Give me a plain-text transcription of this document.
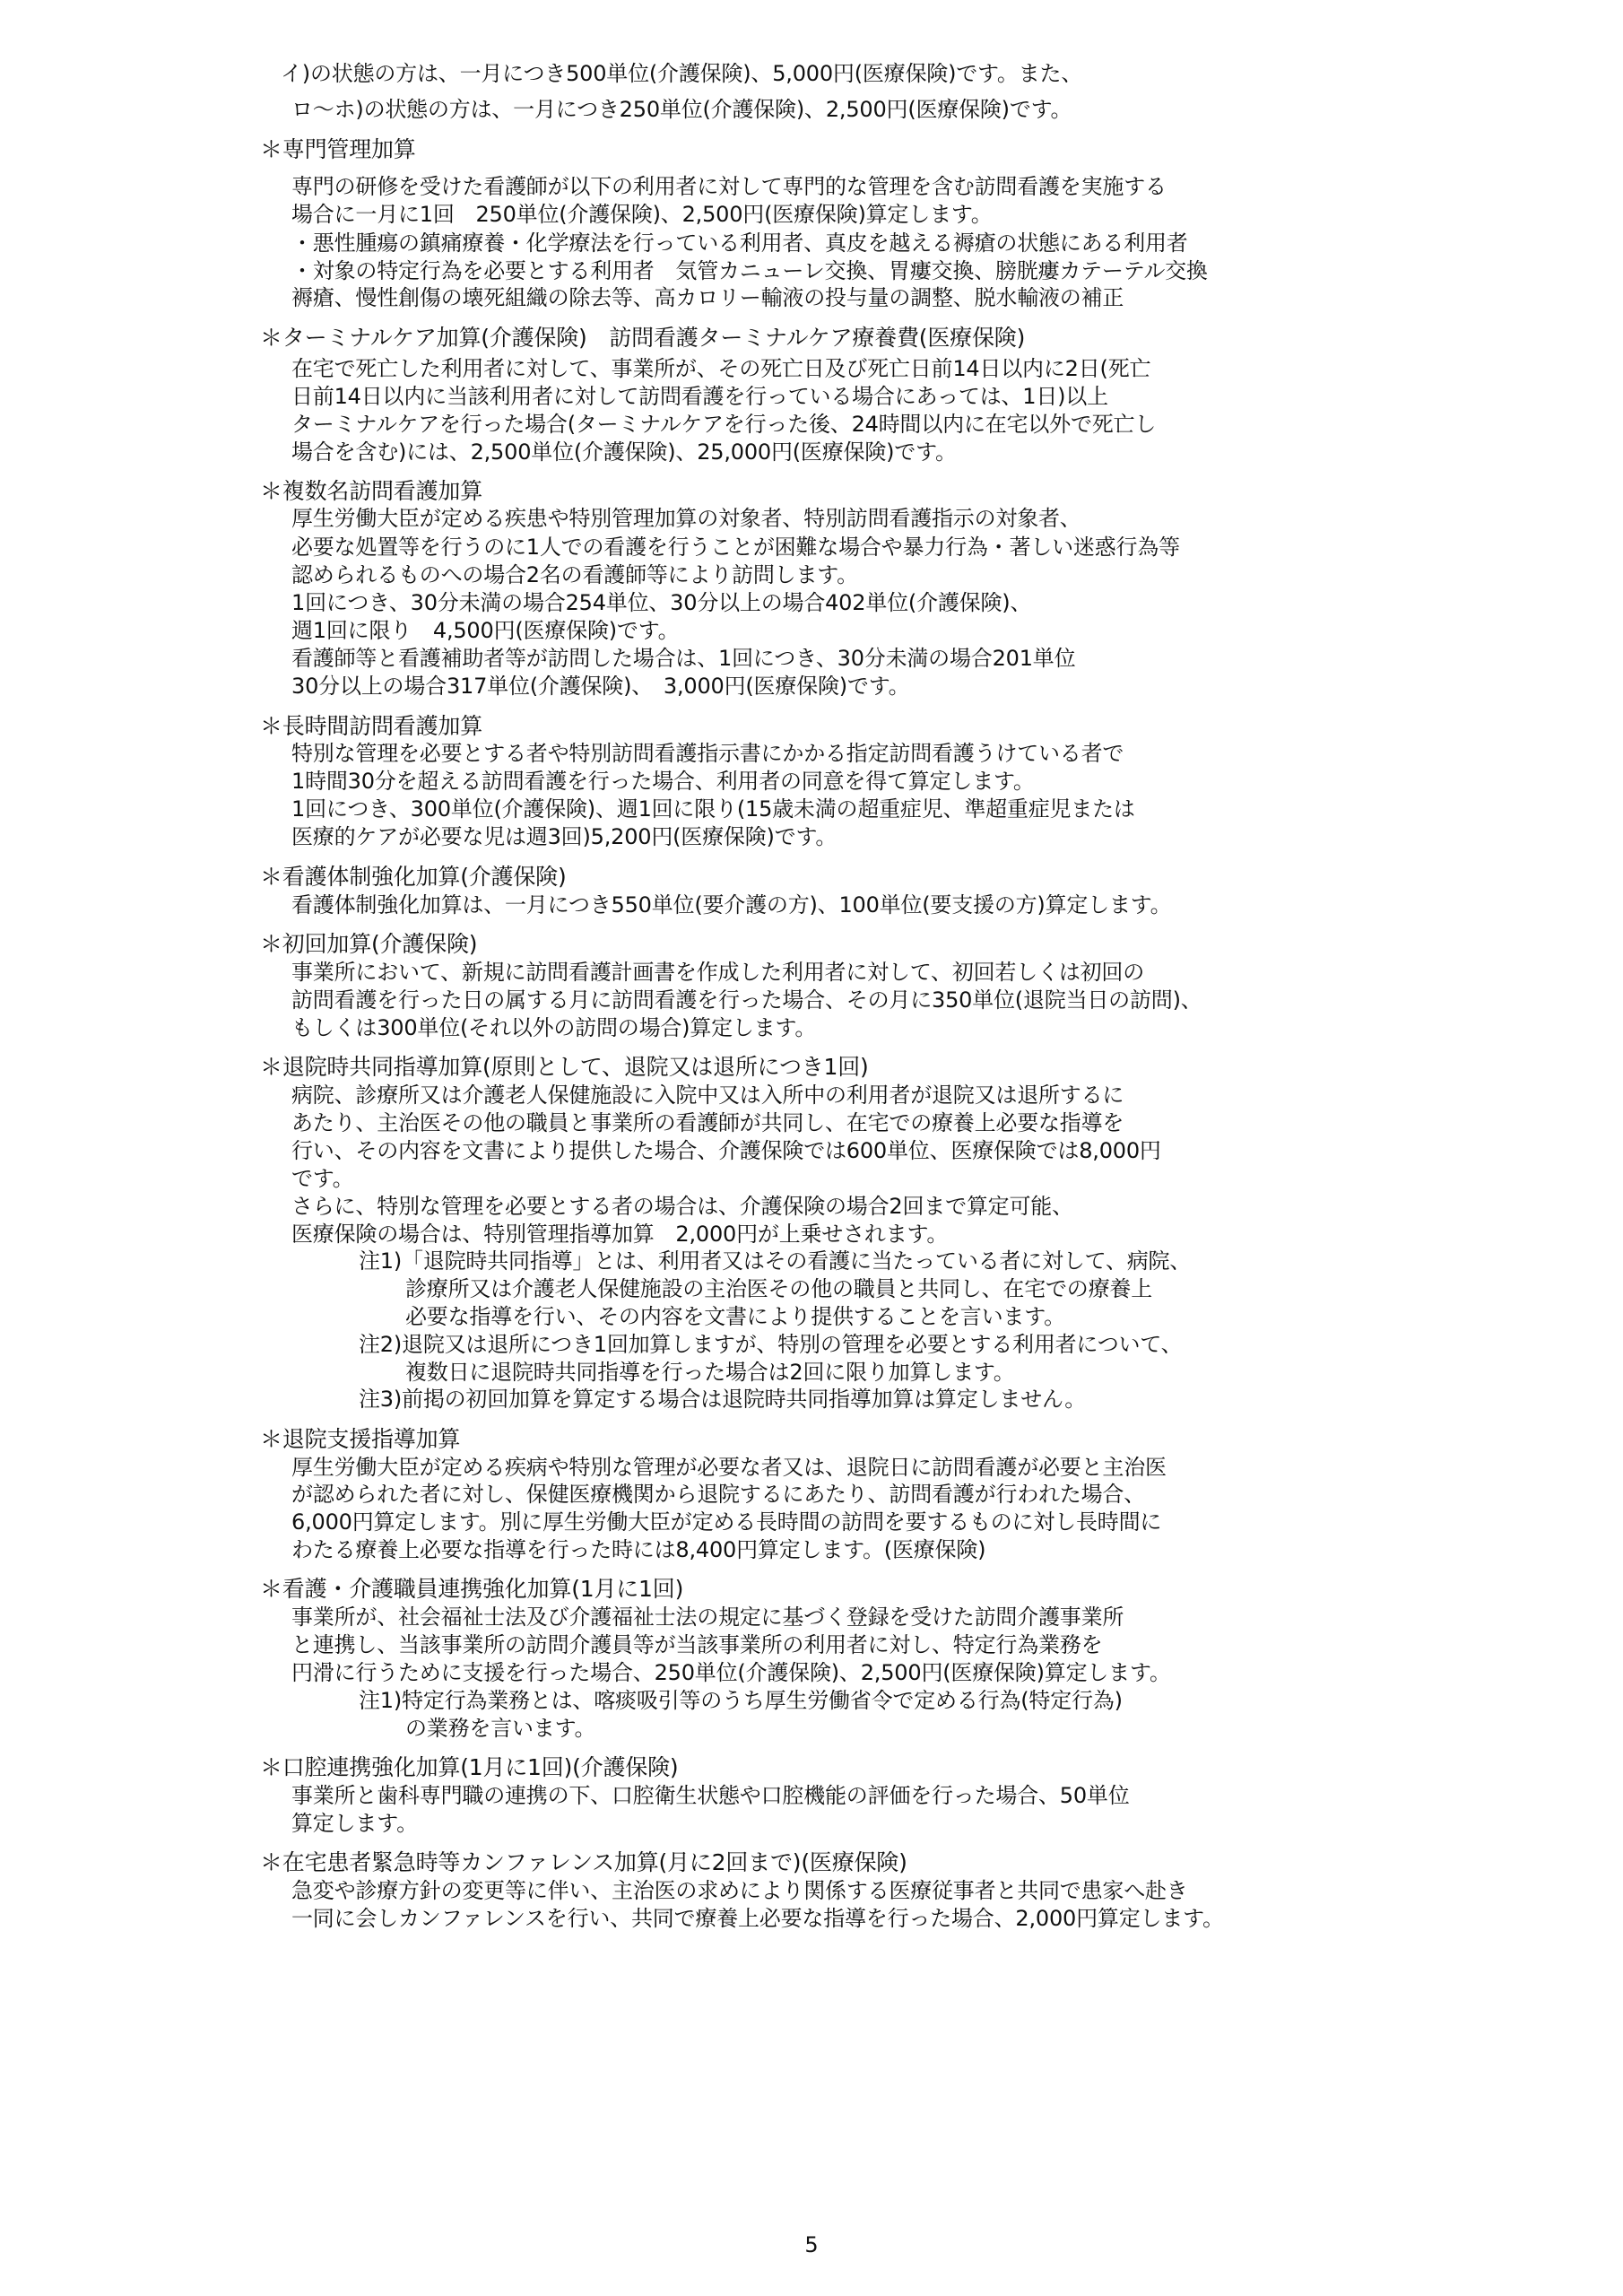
イ)の状態の方は、一月につき500単位(介護保険)、5,000円(医療保険)です。また、
ロ～ホ)の状態の方は、一月につき250単位(介護保険)、2,500円(医療保険)です。
＊専門管理加算
専門の研修を受けた看護師が以下の利用者に対して専門的な管理を含む訪問看護を実施する
場合に一月に1回　250単位(介護保険)、2,500円(医療保険)算定します。
・悪性腫瘍の鎮痛療養・化学療法を行っている利用者、真皮を越える褥瘡の状態にある利用者
・対象の特定行為を必要とする利用者　気管カニューレ交換、胃瘻交換、膀胱瘻カテーテル交換
褥瘡、慢性創傷の壊死組織の除去等、高カロリー輸液の投与量の調整、脱水輸液の補正
＊ターミナルケア加算(介護保険)　訪問看護ターミナルケア療養費(医療保険)
在宅で死亡した利用者に対して、事業所が、その死亡日及び死亡日前14日以内に2日(死亡
日前14日以内に当該利用者に対して訪問看護を行っている場合にあっては、1日)以上
ターミナルケアを行った場合(ターミナルケアを行った後、24時間以内に在宅以外で死亡し
場合を含む)には、2,500単位(介護保険)、25,000円(医療保険)です。
＊複数名訪問看護加算
厚生労働大臣が定める疾患や特別管理加算の対象者、特別訪問看護指示の対象者、
必要な処置等を行うのに1人での看護を行うことが困難な場合や暴力行為・著しい迷惑行為等
認められるものへの場合2名の看護師等により訪問します。
1回につき、30分未満の場合254単位、30分以上の場合402単位(介護保険)、
週1回に限り　4,500円(医療保険)です。
看護師等と看護補助者等が訪問した場合は、1回につき、30分未満の場合201単位
30分以上の場合317単位(介護保険)、　3,000円(医療保険)です。
＊長時間訪問看護加算
特別な管理を必要とする者や特別訪問看護指示書にかかる指定訪問看護うけている者で
1時間30分を超える訪問看護を行った場合、利用者の同意を得て算定します。
1回につき、300単位(介護保険)、週1回に限り(15歳未満の超重症児、準超重症児または
医療的ケアが必要な児は週3回)5,200円(医療保険)です。
＊看護体制強化加算(介護保険)
看護体制強化加算は、一月につき550単位(要介護の方)、100単位(要支援の方)算定します。
＊初回加算(介護保険)
事業所において、新規に訪問看護計画書を作成した利用者に対して、初回若しくは初回の
訪問看護を行った日の属する月に訪問看護を行った場合、その月に350単位(退院当日の訪問)、
もしくは300単位(それ以外の訪問の場合)算定します。
＊退院時共同指導加算(原則として、退院又は退所につき1回)
病院、診療所又は介護老人保健施設に入院中又は入所中の利用者が退院又は退所するに
あたり、主治医その他の職員と事業所の看護師が共同し、在宅での療養上必要な指導を
行い、その内容を文書により提供した場合、介護保険では600単位、医療保険では8,000円
です。
さらに、特別な管理を必要とする者の場合は、介護保険の場合2回まで算定可能、
医療保険の場合は、特別管理指導加算　2,000円が上乗せされます。
注1)「退院時共同指導」とは、利用者又はその看護に当たっている者に対して、病院、
診療所又は介護老人保健施設の主治医その他の職員と共同し、在宅での療養上
必要な指導を行い、その内容を文書により提供することを言います。
注2)退院又は退所につき1回加算しますが、特別の管理を必要とする利用者について、
複数日に退院時共同指導を行った場合は2回に限り加算します。
注3)前掲の初回加算を算定する場合は退院時共同指導加算は算定しません。
＊退院支援指導加算
厚生労働大臣が定める疾病や特別な管理が必要な者又は、退院日に訪問看護が必要と主治医
が認められた者に対し、保健医療機関から退院するにあたり、訪問看護が行われた場合、
6,000円算定します。別に厚生労働大臣が定める長時間の訪問を要するものに対し長時間に
わたる療養上必要な指導を行った時には8,400円算定します。(医療保険)
＊看護・介護職員連携強化加算(1月に1回)
事業所が、社会福祉士法及び介護福祉士法の規定に基づく登録を受けた訪問介護事業所
と連携し、当該事業所の訪問介護員等が当該事業所の利用者に対し、特定行為業務を
円滑に行うために支援を行った場合、250単位(介護保険)、2,500円(医療保険)算定します。
注1)特定行為業務とは、喀痰吸引等のうち厚生労働省令で定める行為(特定行為)
の業務を言います。
＊口腔連携強化加算(1月に1回)(介護保険)
事業所と歯科専門職の連携の下、口腔衛生状態や口腔機能の評価を行った場合、50単位
算定します。
＊在宅患者緊急時等カンファレンス加算(月に2回まで)(医療保険)
急変や診療方針の変更等に伴い、主治医の求めにより関係する医療従事者と共同で患家へ赴き
一同に会しカンファレンスを行い、共同で療養上必要な指導を行った場合、2,000円算定します。
5
